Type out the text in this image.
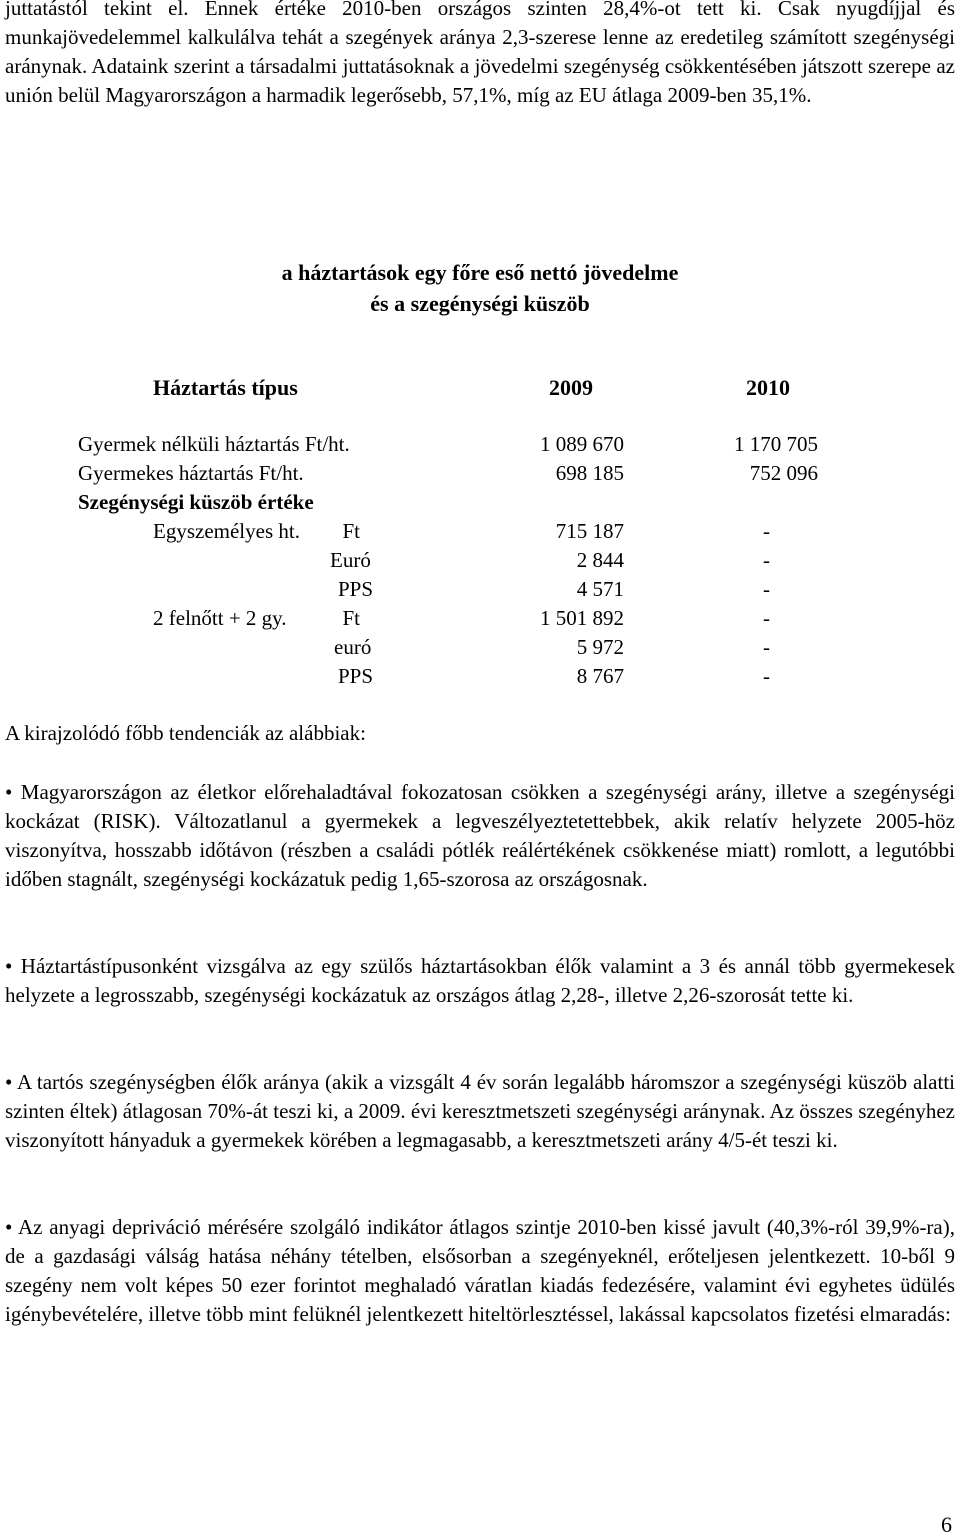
juttatástól tekint el. Ennek értéke 2010-ben országos szinten 28,4%-ot tett ki. Csak nyugdíjjal és munkajövedelemmel kalkulálva tehát a szegények aránya 2,3-szerese lenne az eredetileg számított szegénységi aránynak. Adataink szerint a társadalmi juttatásoknak a jövedelmi szegénység csökkentésében játszott szerepe az unión belül Magyarországon a harmadik legerősebb, 57,1%, míg az EU átlaga 2009-ben 35,1%.

a háztartások egy főre eső nettó jövedelme
és a szegénységi küszöb
Háztartás típus	2009	2010
Gyermek nélküli háztartás Ft/ht.	1 089 670	1 170 705
Gyermekes háztartás Ft/ht.	698 185	752 096
Szegénységi küszöb értéke
Egyszemélyes ht.	Ft	715 187	-
Euró	2 844	-
PPS	4 571	-
2 felnőtt + 2 gy.	Ft	1 501 892	-
euró	5 972	-
PPS	8 767	-
A kirajzolódó főbb tendenciák az alábbiak:

• Magyarországon az életkor előrehaladtával fokozatosan csökken a szegénységi arány, illetve a szegénységi kockázat (RISK). Változatlanul a gyermekek a legveszélyeztetettebbek, akik relatív helyzete 2005-höz viszonyítva, hosszabb időtávon (részben a családi pótlék reálértékének csökkenése miatt) romlott, a legutóbbi időben stagnált, szegénységi kockázatuk pedig 1,65-szorosa az országosnak.

• Háztartástípusonként vizsgálva az egy szülős háztartásokban élők valamint a 3 és annál több gyermekesek helyzete a legrosszabb, szegénységi kockázatuk az országos átlag 2,28-, illetve 2,26-szorosát tette ki.

• A tartós szegénységben élők aránya (akik a vizsgált 4 év során legalább háromszor a szegénységi küszöb alatti szinten éltek) átlagosan 70%-át teszi ki, a 2009. évi keresztmetszeti szegénységi aránynak. Az összes szegényhez viszonyított hányaduk a gyermekek körében a legmagasabb, a keresztmetszeti arány 4/5-ét teszi ki.

• Az anyagi depriváció mérésére szolgáló indikátor átlagos szintje 2010-ben kissé javult (40,3%-ról 39,9%-ra), de a gazdasági válság hatása néhány tételben, elsősorban a szegényeknél, erőteljesen jelentkezett. 10-ből 9 szegény nem volt képes 50 ezer forintot meghaladó váratlan kiadás fedezésére, valamint évi egyhetes üdülés igénybevételére, illetve több mint felüknél jelentkezett hiteltörlesztéssel, lakással kapcsolatos fizetési elmaradás:

6
